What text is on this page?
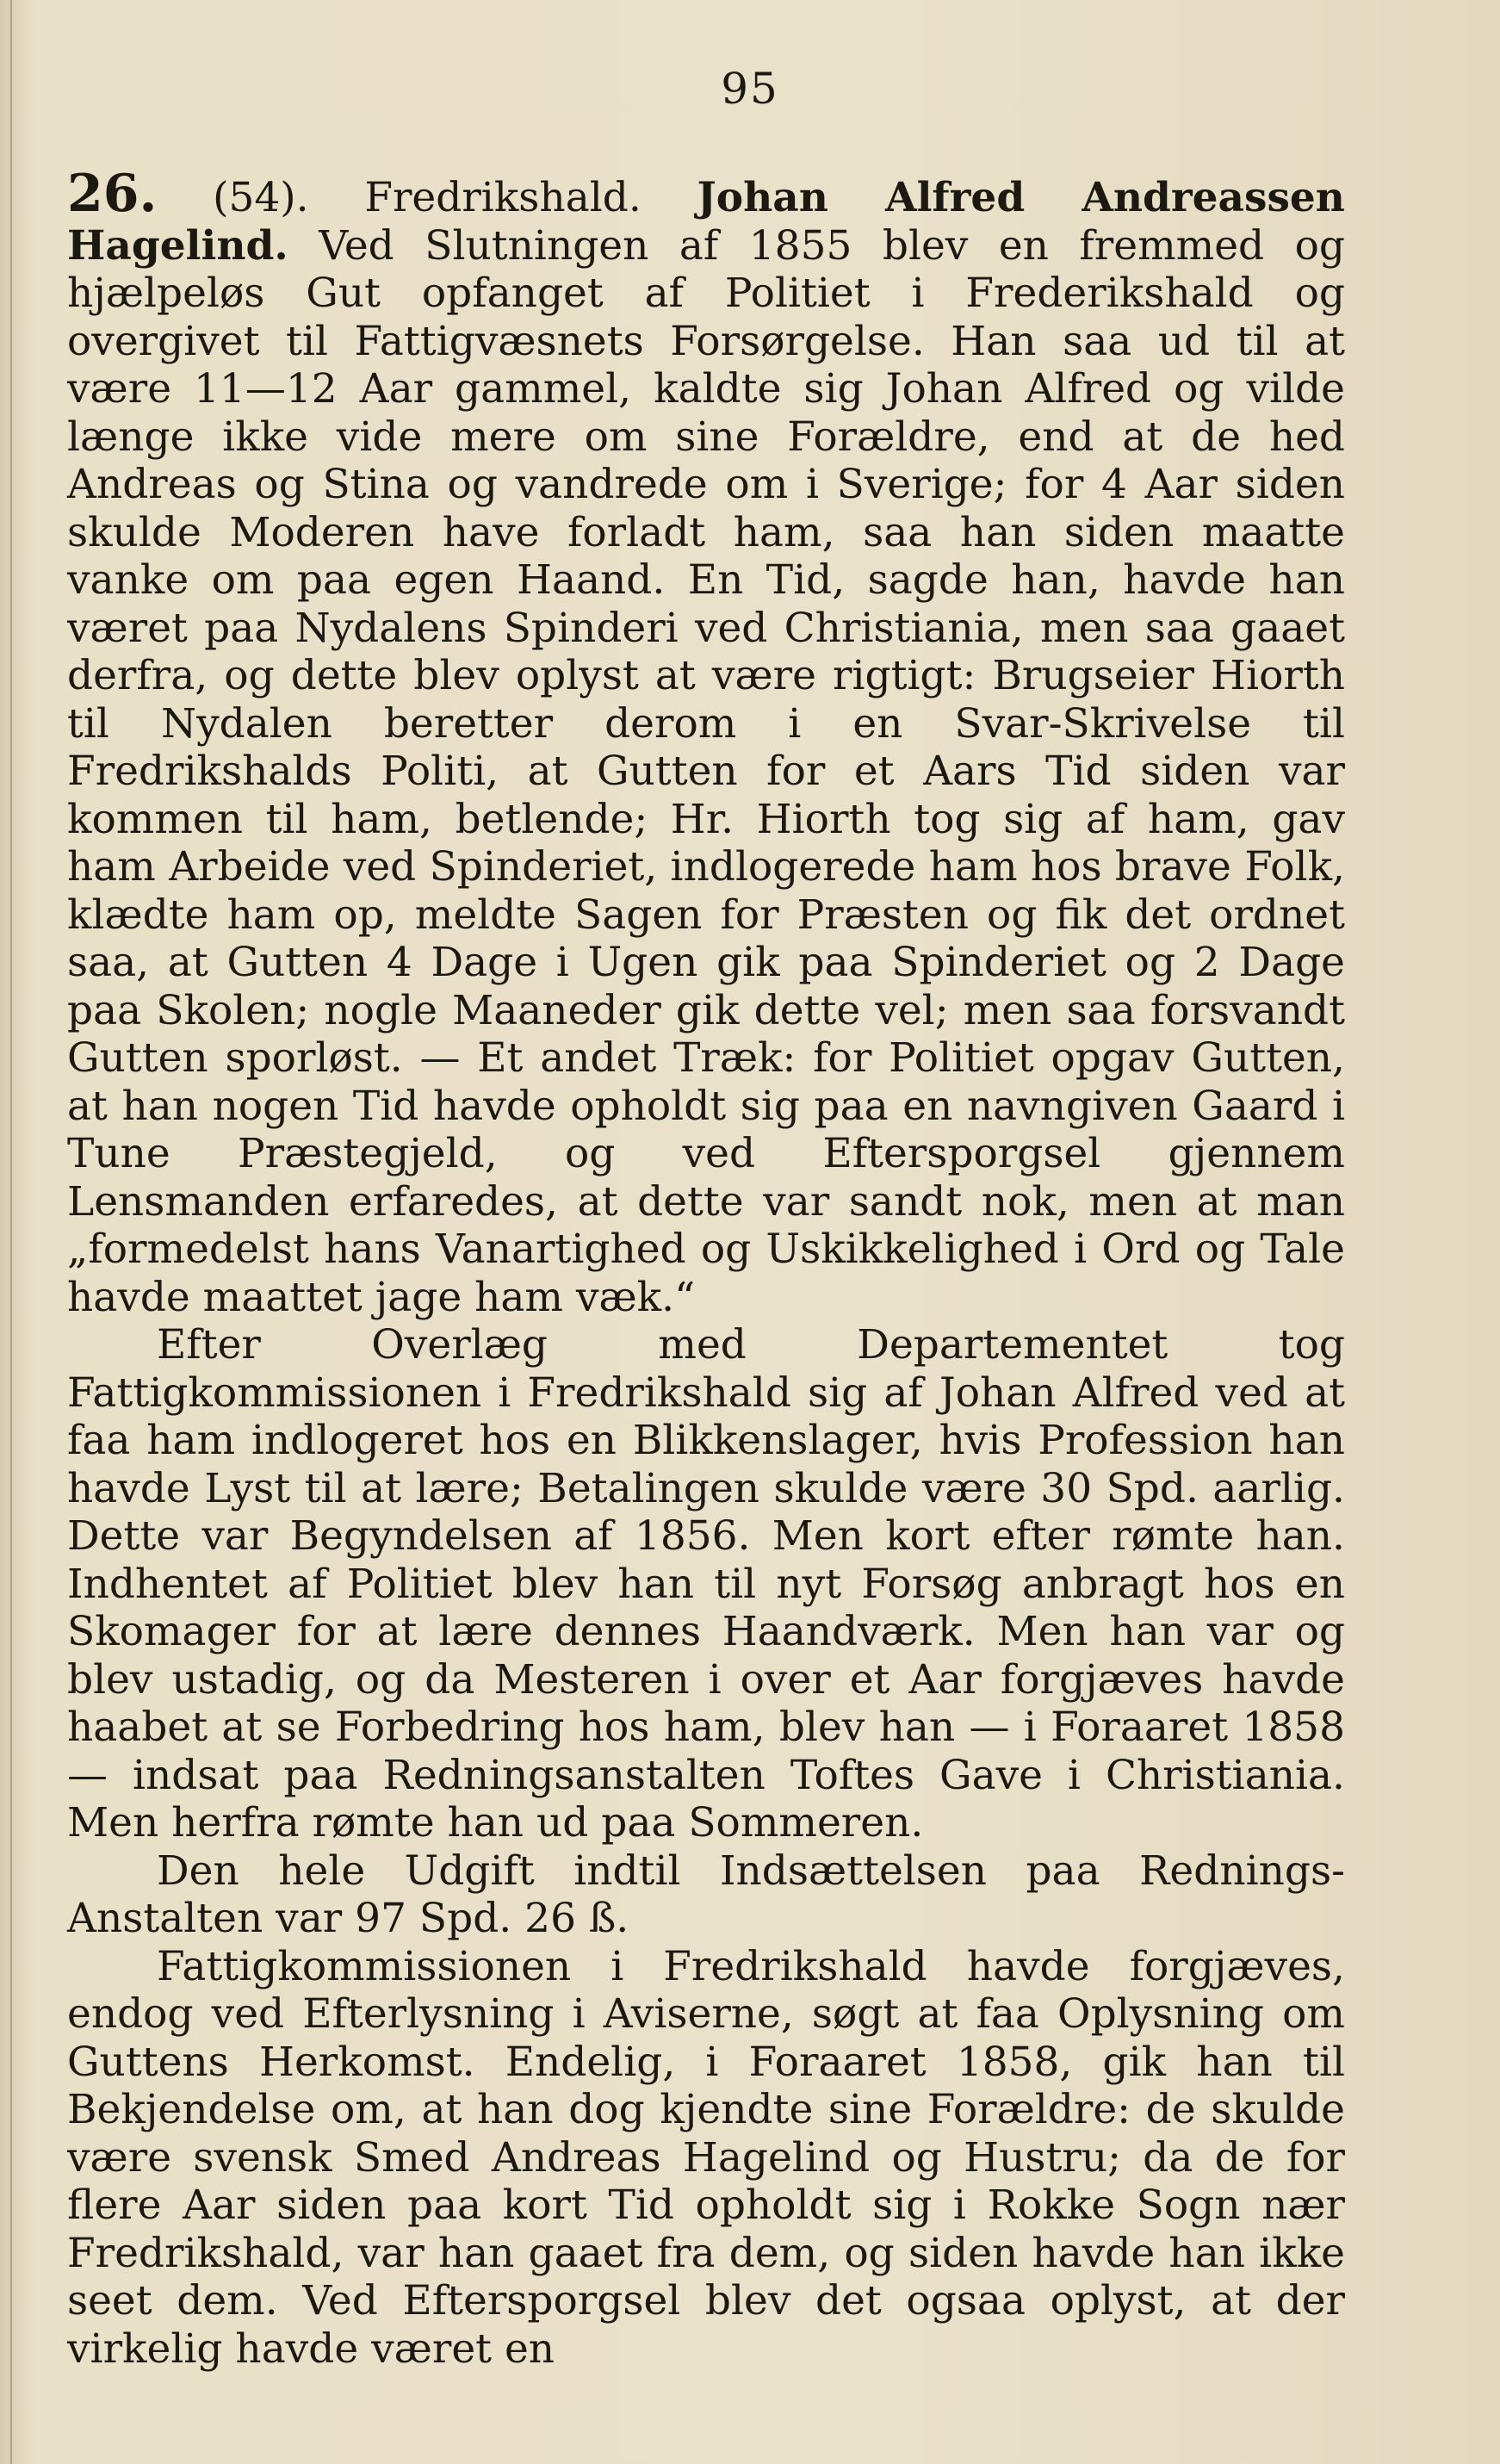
95

26. (54). Fredrikshald. Johan Alfred Andreassen Hagelind. Ved Slutningen af 1855 blev en fremmed og hjælpeløs Gut opfanget af Politiet i Frederikshald og overgivet til Fattigvæsnets Forsørgelse. Han saa ud til at være 11—12 Aar gammel, kaldte sig Johan Alfred og vilde længe ikke vide mere om sine Forældre, end at de hed Andreas og Stina og vandrede om i Sverige; for 4 Aar siden skulde Moderen have forladt ham, saa han siden maatte vanke om paa egen Haand. En Tid, sagde han, havde han været paa Nydalens Spinderi ved Christiania, men saa gaaet derfra, og dette blev oplyst at være rigtigt: Brugseier Hiorth til Nydalen beretter derom i en Svar-Skrivelse til Fredrikshalds Politi, at Gutten for et Aars Tid siden var kommen til ham, betlende; Hr. Hiorth tog sig af ham, gav ham Arbeide ved Spinderiet, indlogerede ham hos brave Folk, klædte ham op, meldte Sagen for Præsten og fik det ordnet saa, at Gutten 4 Dage i Ugen gik paa Spinderiet og 2 Dage paa Skolen; nogle Maaneder gik dette vel; men saa forsvandt Gutten sporløst. — Et andet Træk: for Politiet opgav Gutten, at han nogen Tid havde opholdt sig paa en navngiven Gaard i Tune Præstegjeld, og ved Eftersporgsel gjennem Lensmanden erfaredes, at dette var sandt nok, men at man „formedelst hans Vanartighed og Uskikkelighed i Ord og Tale havde maattet jage ham væk.“

Efter Overlæg med Departementet tog Fattigkommissionen i Fredrikshald sig af Johan Alfred ved at faa ham indlogeret hos en Blikkenslager, hvis Profession han havde Lyst til at lære; Betalingen skulde være 30 Spd. aarlig. Dette var Begyndelsen af 1856. Men kort efter rømte han. Indhentet af Politiet blev han til nyt Forsøg anbragt hos en Skomager for at lære dennes Haandværk. Men han var og blev ustadig, og da Mesteren i over et Aar forgjæves havde haabet at se Forbedring hos ham, blev han — i Foraaret 1858 — indsat paa Redningsanstalten Toftes Gave i Christiania. Men herfra rømte han ud paa Sommeren.

Den hele Udgift indtil Indsættelsen paa Rednings-Anstalten var 97 Spd. 26 ß.

Fattigkommissionen i Fredrikshald havde forgjæves, endog ved Efterlysning i Aviserne, søgt at faa Oplysning om Guttens Herkomst. Endelig, i Foraaret 1858, gik han til Bekjendelse om, at han dog kjendte sine Forældre: de skulde være svensk Smed Andreas Hagelind og Hustru; da de for flere Aar siden paa kort Tid opholdt sig i Rokke Sogn nær Fredrikshald, var han gaaet fra dem, og siden havde han ikke seet dem. Ved Eftersporgsel blev det ogsaa oplyst, at der virkelig havde været en
